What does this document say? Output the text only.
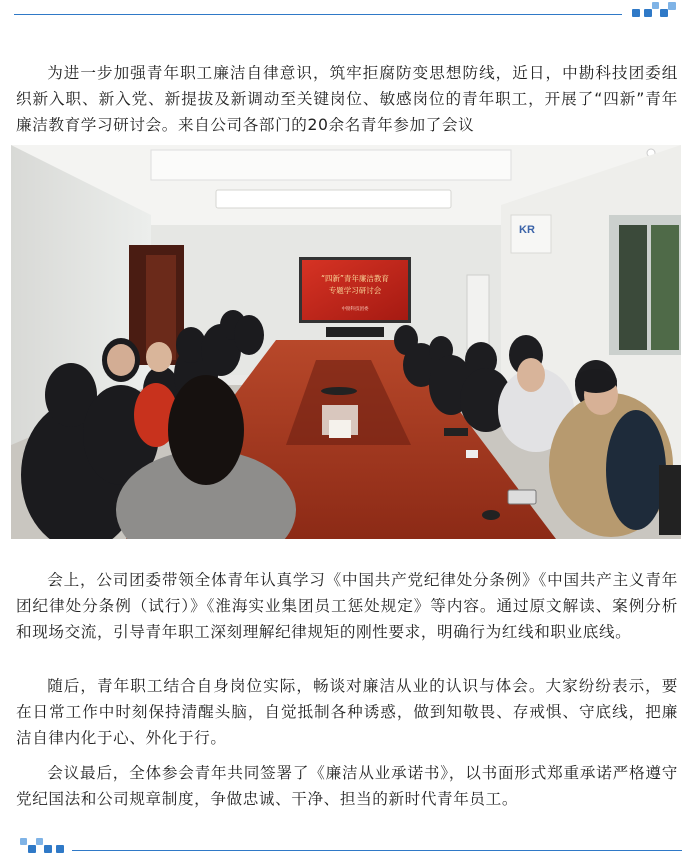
为进一步加强青年职工廉洁自律意识，筑牢拒腐防变思想防线，近日，中勘科技团委组织新入职、新入党、新提拔及新调动至关键岗位、敏感岗位的青年职工，开展了“四新”青年廉洁教育学习研讨会。来自公司各部门的20余名青年参加了会议

KR
“四新”青年廉洁教育
专题学习研讨会
中勘科技团委

会上，公司团委带领全体青年认真学习《中国共产党纪律处分条例》《中国共产主义青年团纪律处分条例（试行）》《淮海实业集团员工惩处规定》等内容。通过原文解读、案例分析和现场交流，引导青年职工深刻理解纪律规矩的刚性要求，明确行为红线和职业底线。

随后，青年职工结合自身岗位实际，畅谈对廉洁从业的认识与体会。大家纷纷表示，要在日常工作中时刻保持清醒头脑，自觉抵制各种诱惑，做到知敬畏、存戒惧、守底线，把廉洁自律内化于心、外化于行。

会议最后，全体参会青年共同签署了《廉洁从业承诺书》，以书面形式郑重承诺严格遵守党纪国法和公司规章制度，争做忠诚、干净、担当的新时代青年员工。
